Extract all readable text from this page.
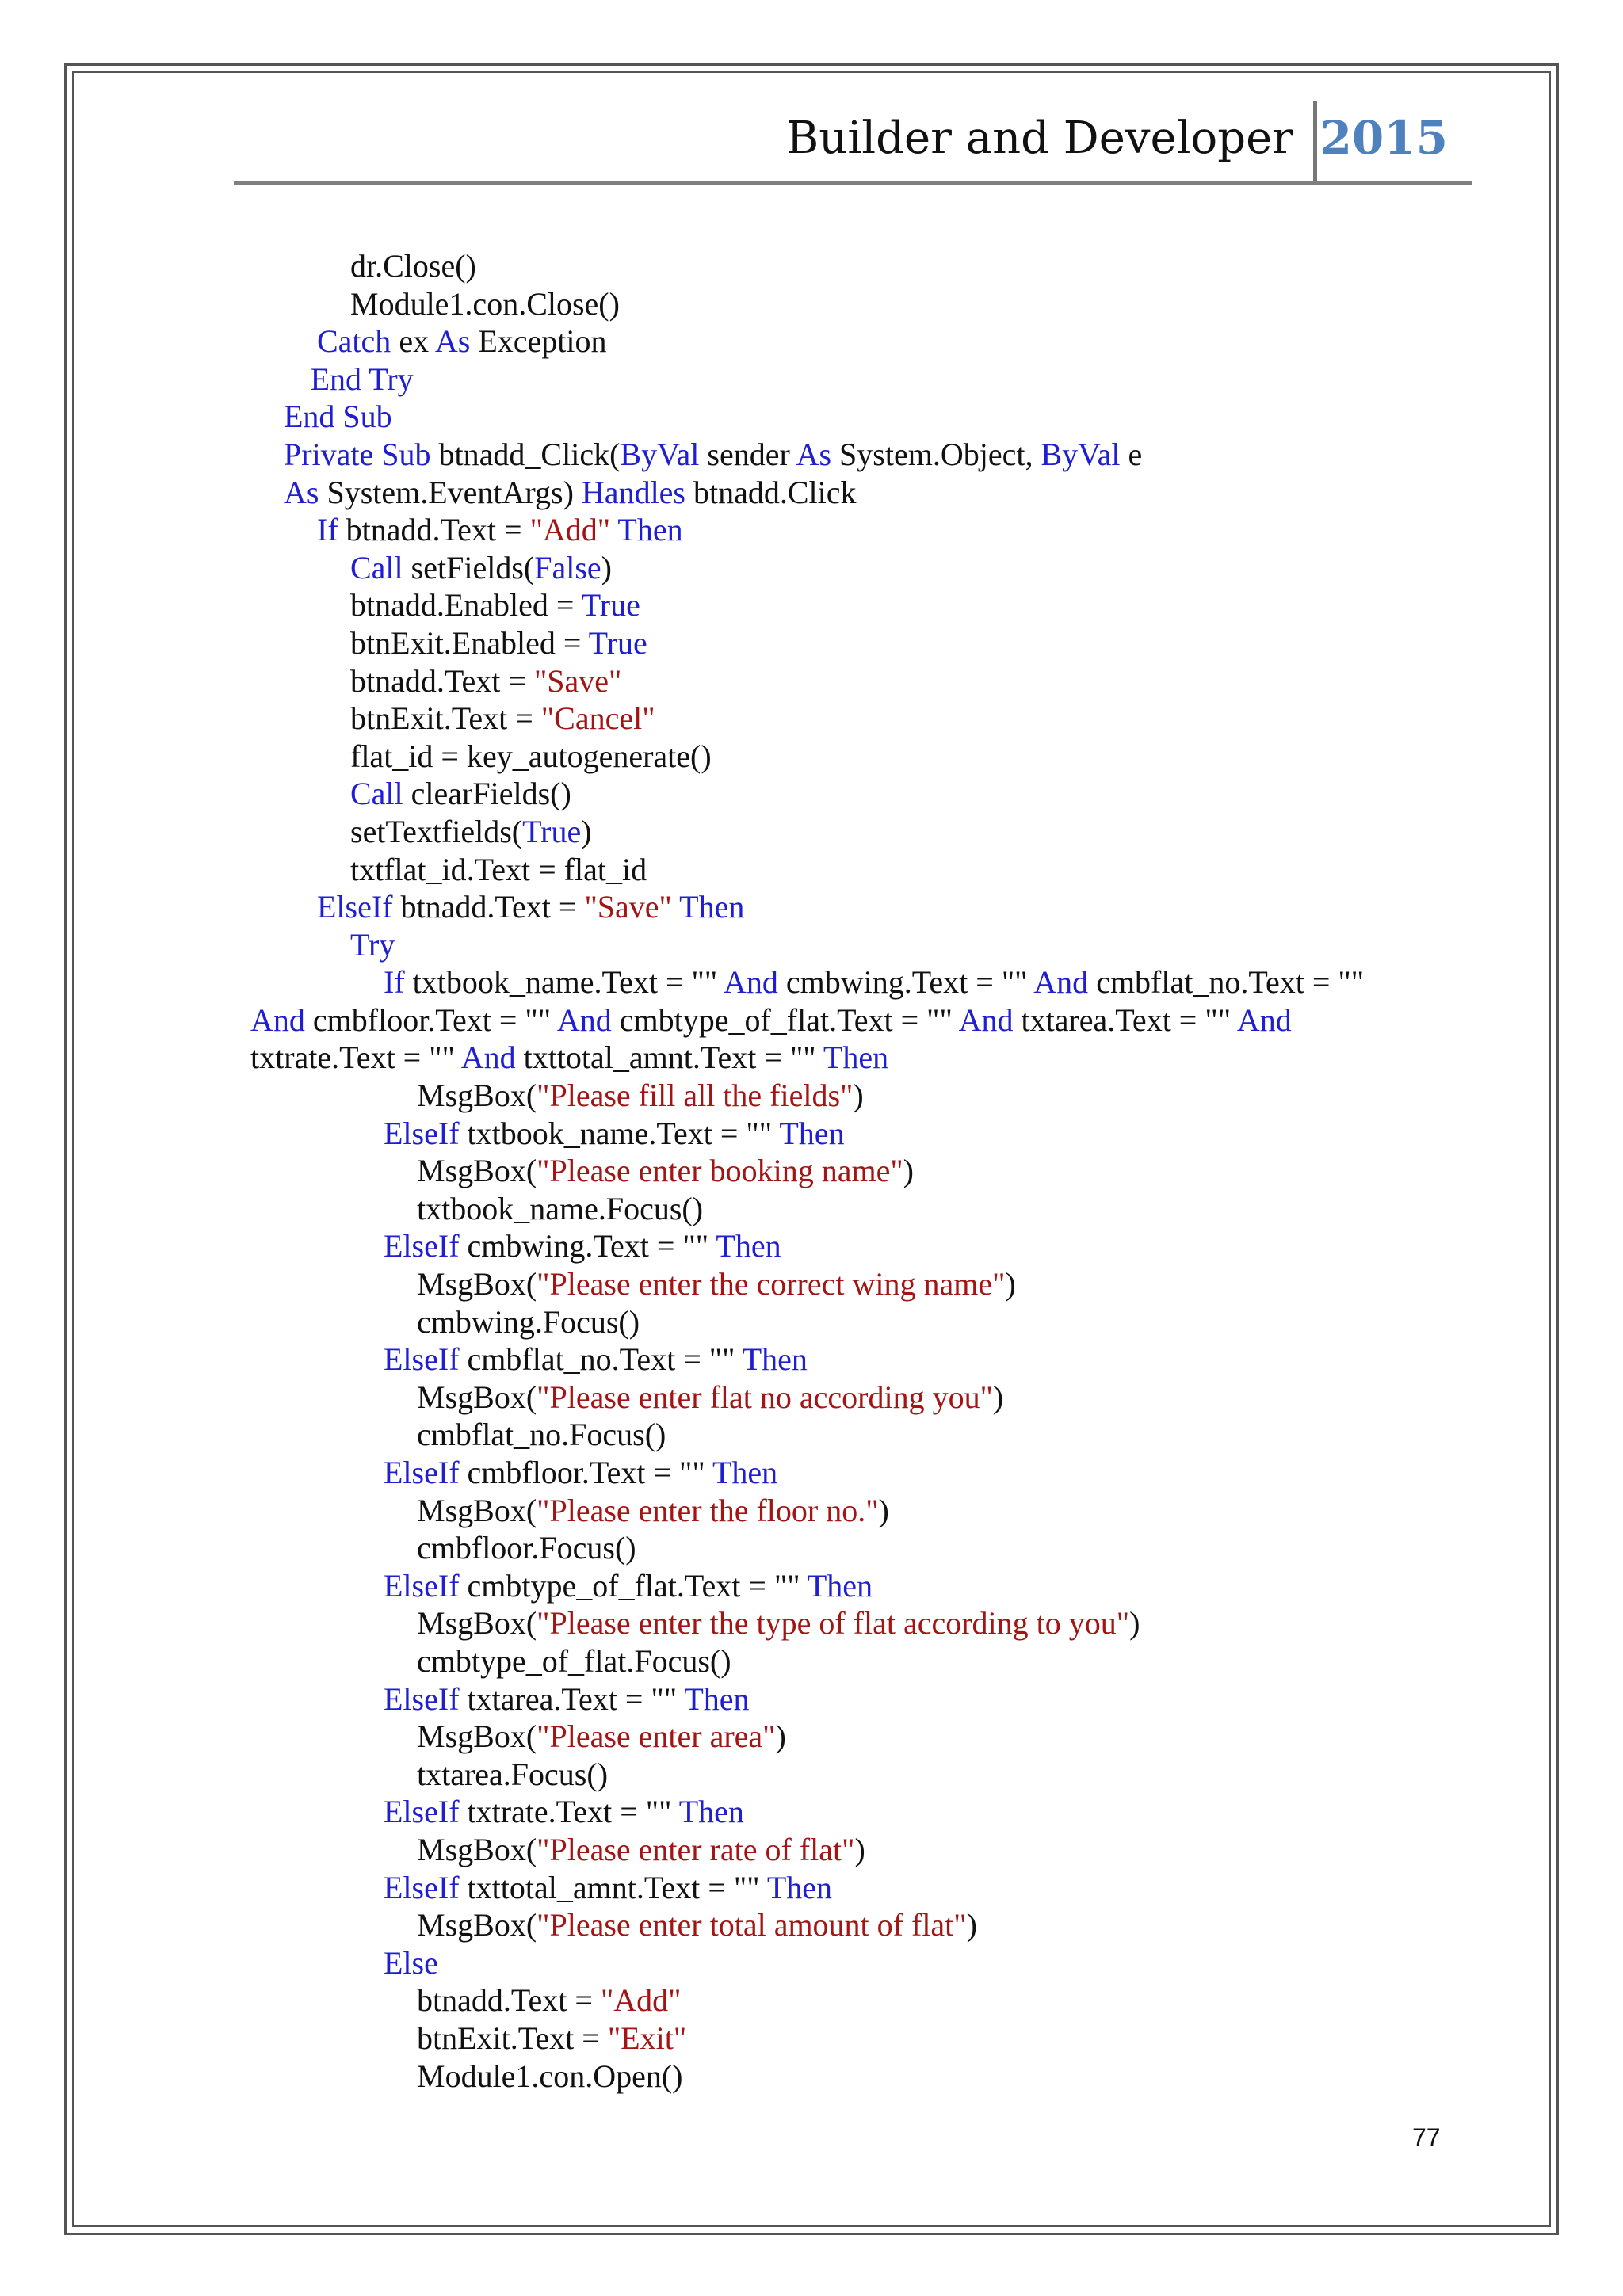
Builder and Developer 2015
dr.Close()
Module1.con.Close()
Catch ex As Exception
End Try
End Sub
Private Sub btnadd_Click(ByVal sender As System.Object, ByVal e
As System.EventArgs) Handles btnadd.Click
If btnadd.Text = "Add" Then
Call setFields(False)
btnadd.Enabled = True
btnExit.Enabled = True
btnadd.Text = "Save"
btnExit.Text = "Cancel"
flat_id = key_autogenerate()
Call clearFields()
setTextfields(True)
txtflat_id.Text = flat_id
ElseIf btnadd.Text = "Save" Then
Try
If txtbook_name.Text = "" And cmbwing.Text = "" And cmbflat_no.Text = ""
And cmbfloor.Text = "" And cmbtype_of_flat.Text = "" And txtarea.Text = "" And
txtrate.Text = "" And txttotal_amnt.Text = "" Then
MsgBox("Please fill all the fields")
ElseIf txtbook_name.Text = "" Then
MsgBox("Please enter booking name")
txtbook_name.Focus()
ElseIf cmbwing.Text = "" Then
MsgBox("Please enter the correct wing name")
cmbwing.Focus()
ElseIf cmbflat_no.Text = "" Then
MsgBox("Please enter flat no according you")
cmbflat_no.Focus()
ElseIf cmbfloor.Text = "" Then
MsgBox("Please enter the floor no.")
cmbfloor.Focus()
ElseIf cmbtype_of_flat.Text = "" Then
MsgBox("Please enter the type of flat according to you")
cmbtype_of_flat.Focus()
ElseIf txtarea.Text = "" Then
MsgBox("Please enter area")
txtarea.Focus()
ElseIf txtrate.Text = "" Then
MsgBox("Please enter rate of flat")
ElseIf txttotal_amnt.Text = "" Then
MsgBox("Please enter total amount of flat")
Else
btnadd.Text = "Add"
btnExit.Text = "Exit"
Module1.con.Open()
77
